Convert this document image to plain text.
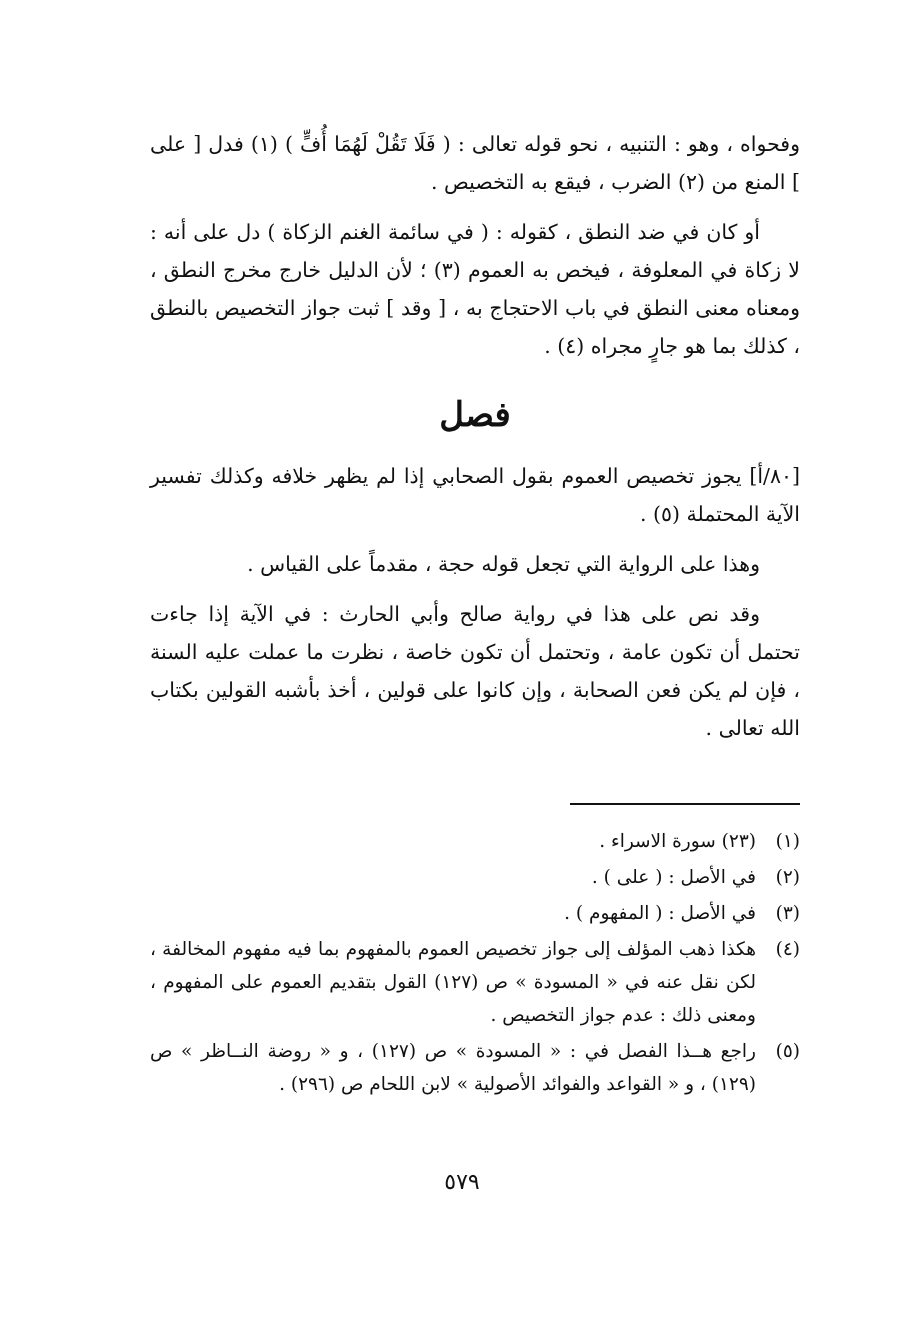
وفحواه ، وهو : التنبيه ، نحو قوله تعالى : ( فَلَا تَقُلْ لَهُمَا أُفٍّ ) (١) فدل [ على ] المنع من (٢) الضرب ، فيقع به التخصيص .

أو كان في ضد النطق ، كقوله : ( في سائمة الغنم الزكاة ) دل على أنه : لا زكاة في المعلوفة ، فيخص به العموم (٣) ؛ لأن الدليل خارج مخرج النطق ، ومعناه معنى النطق في باب الاحتجاج به ، [ وقد ] ثبت جواز التخصيص بالنطق ، كذلك بما هو جارٍ مجراه (٤) .

فصل

[٨٠/أ] يجوز تخصيص العموم بقول الصحابي إذا لم يظهر خلافه وكذلك تفسير الآية المحتملة (٥) .

وهذا على الرواية التي تجعل قوله حجة ، مقدماً على القياس .

وقد نص على هذا في رواية صالح وأبي الحارث : في الآية إذا جاءت تحتمل أن تكون عامة ، وتحتمل أن تكون خاصة ، نظرت ما عملت عليه السنة ، فإن لم يكن فعن الصحابة ، وإن كانوا على قولين ، أخذ بأشبه القولين بكتاب الله تعالى .

(١)
(٢٣) سورة الاسراء .
(٢)
في الأصل : ( على ) .
(٣)
في الأصل : ( المفهوم ) .
(٤)
هكذا ذهب المؤلف إلى جواز تخصيص العموم بالمفهوم بما فيه مفهوم المخالفة ، لكن نقل عنه في « المسودة » ص (١٢٧) القول بتقديم العموم على المفهوم ، ومعنى ذلك : عدم جواز التخصيص .
(٥)
راجع هــذا الفصل في : « المسودة » ص (١٢٧) ، و « روضة النــاظر » ص (١٢٩) ، و « القواعد والفوائد الأصولية » لابن اللحام ص (٢٩٦) .
٥٧٩
